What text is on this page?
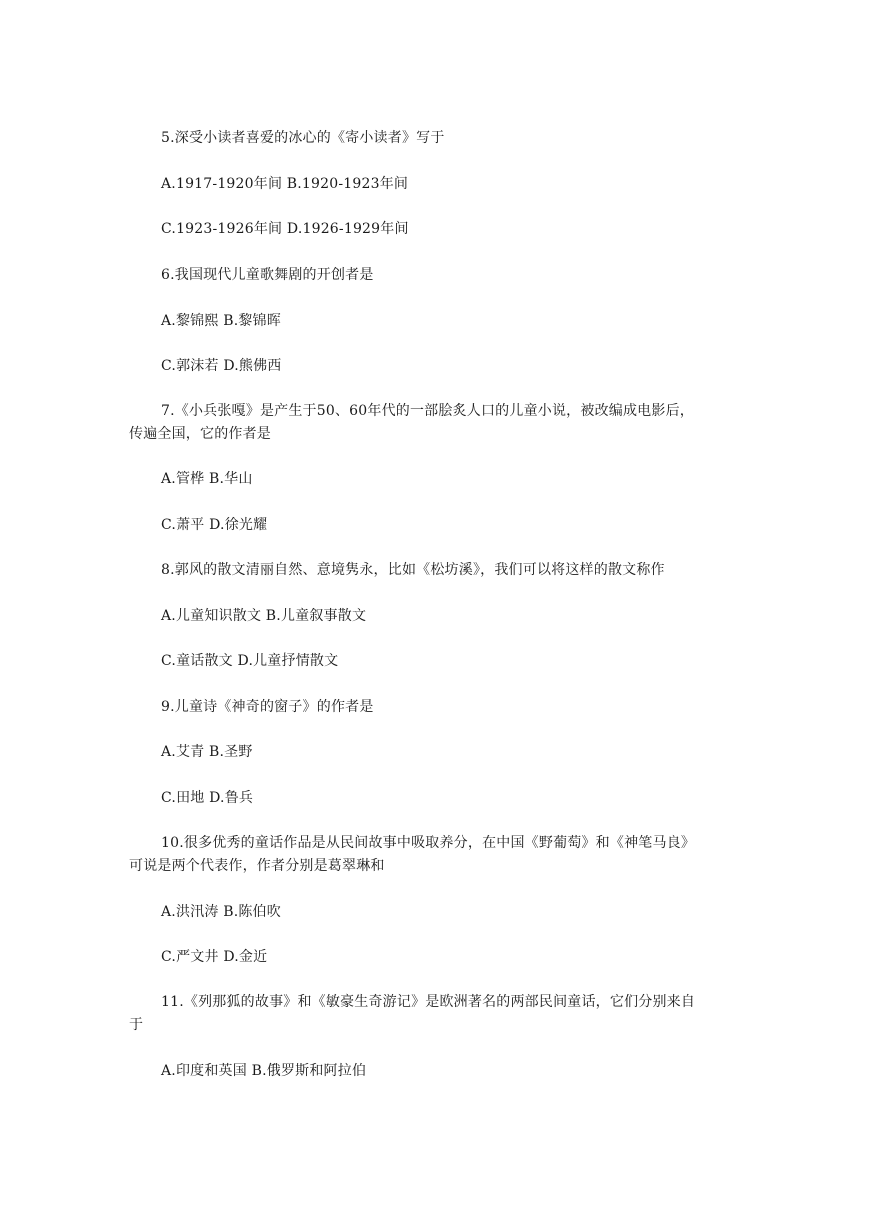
5.深受小读者喜爱的冰心的《寄小读者》写于
A.1917-1920年间 B.1920-1923年间
C.1923-1926年间 D.1926-1929年间
6.我国现代儿童歌舞剧的开创者是
A.黎锦熙 B.黎锦晖
C.郭沫若 D.熊佛西
7.《小兵张嘎》是产生于50、60年代的一部脍炙人口的儿童小说，被改编成电影后，
传遍全国，它的作者是
A.管桦 B.华山
C.萧平 D.徐光耀
8.郭风的散文清丽自然、意境隽永，比如《松坊溪》，我们可以将这样的散文称作
A.儿童知识散文 B.儿童叙事散文
C.童话散文 D.儿童抒情散文
9.儿童诗《神奇的窗子》的作者是
A.艾青 B.圣野
C.田地 D.鲁兵
10.很多优秀的童话作品是从民间故事中吸取养分，在中国《野葡萄》和《神笔马良》
可说是两个代表作，作者分别是葛翠琳和
A.洪汛涛 B.陈伯吹
C.严文井 D.金近
11.《列那狐的故事》和《敏豪生奇游记》是欧洲著名的两部民间童话，它们分别来自
于
A.印度和英国 B.俄罗斯和阿拉伯
